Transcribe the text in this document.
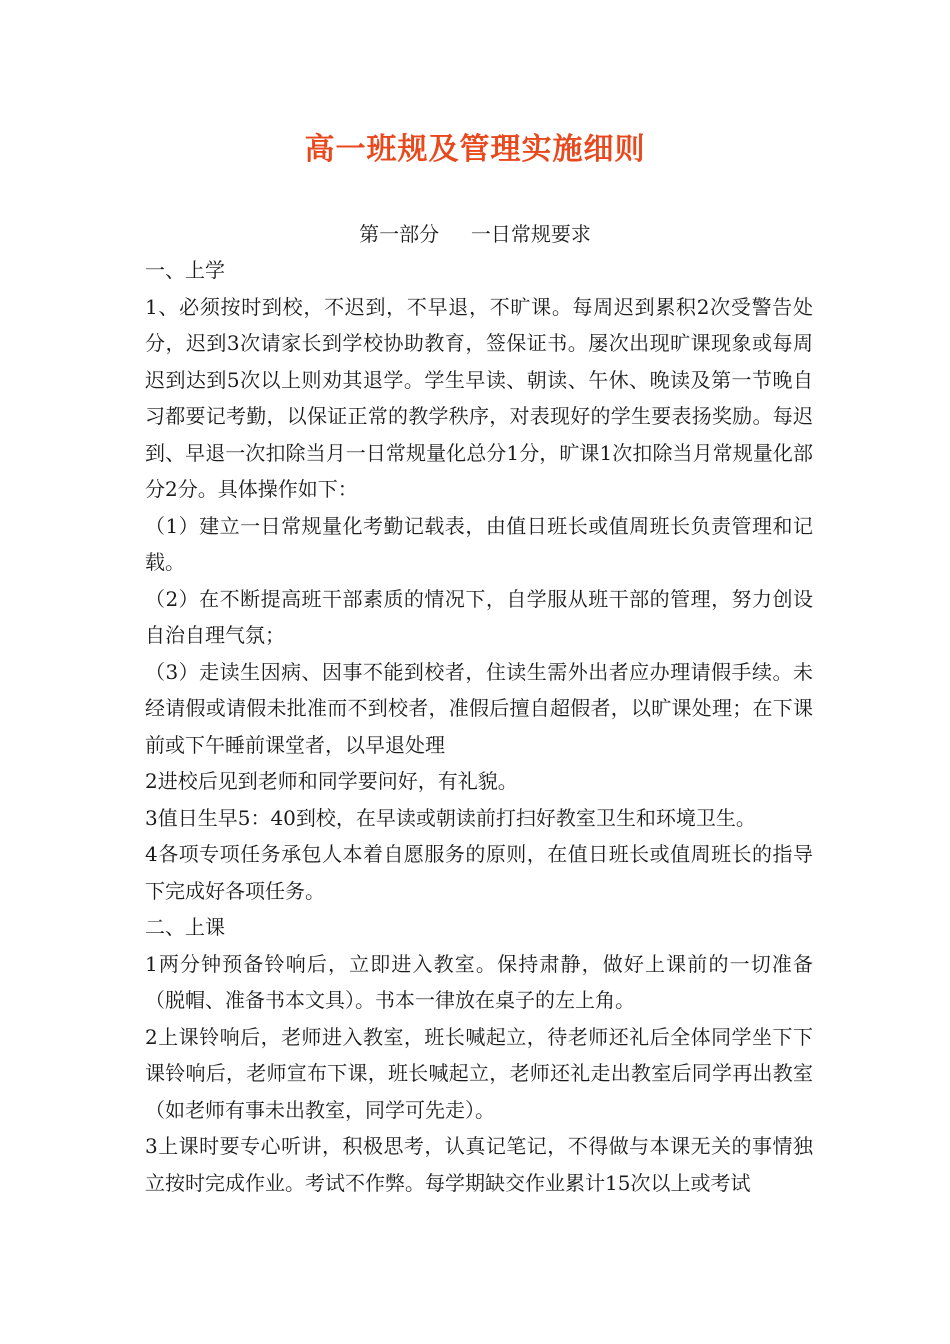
高一班规及管理实施细则
第一部分     一日常规要求

一、上学

1、必须按时到校，不迟到，不早退，不旷课。每周迟到累积2次受警告处分，迟到3次请家长到学校协助教育，签保证书。屡次出现旷课现象或每周迟到达到5次以上则劝其退学。学生早读、朝读、午休、晚读及第一节晚自习都要记考勤，以保证正常的教学秩序，对表现好的学生要表扬奖励。每迟到、早退一次扣除当月一日常规量化总分1分，旷课1次扣除当月常规量化部分2分。具体操作如下：

（1）建立一日常规量化考勤记载表，由值日班长或值周班长负责管理和记载。

（2）在不断提高班干部素质的情况下，自学服从班干部的管理，努力创设自治自理气氛；

（3）走读生因病、因事不能到校者，住读生需外出者应办理请假手续。未经请假或请假未批准而不到校者，准假后擅自超假者，以旷课处理；在下课前或下午睡前课堂者，以早退处理

2进校后见到老师和同学要问好，有礼貌。

3值日生早5：40到校，在早读或朝读前打扫好教室卫生和环境卫生。

4各项专项任务承包人本着自愿服务的原则，在值日班长或值周班长的指导下完成好各项任务。

二、上课

1两分钟预备铃响后，立即进入教室。保持肃静，做好上课前的一切准备（脱帽、准备书本文具）。书本一律放在桌子的左上角。

2上课铃响后，老师进入教室，班长喊起立，待老师还礼后全体同学坐下下课铃响后，老师宣布下课，班长喊起立，老师还礼走出教室后同学再出教室（如老师有事未出教室，同学可先走）。

3上课时要专心听讲，积极思考，认真记笔记，不得做与本课无关的事情独立按时完成作业。考试不作弊。每学期缺交作业累计15次以上或考试
